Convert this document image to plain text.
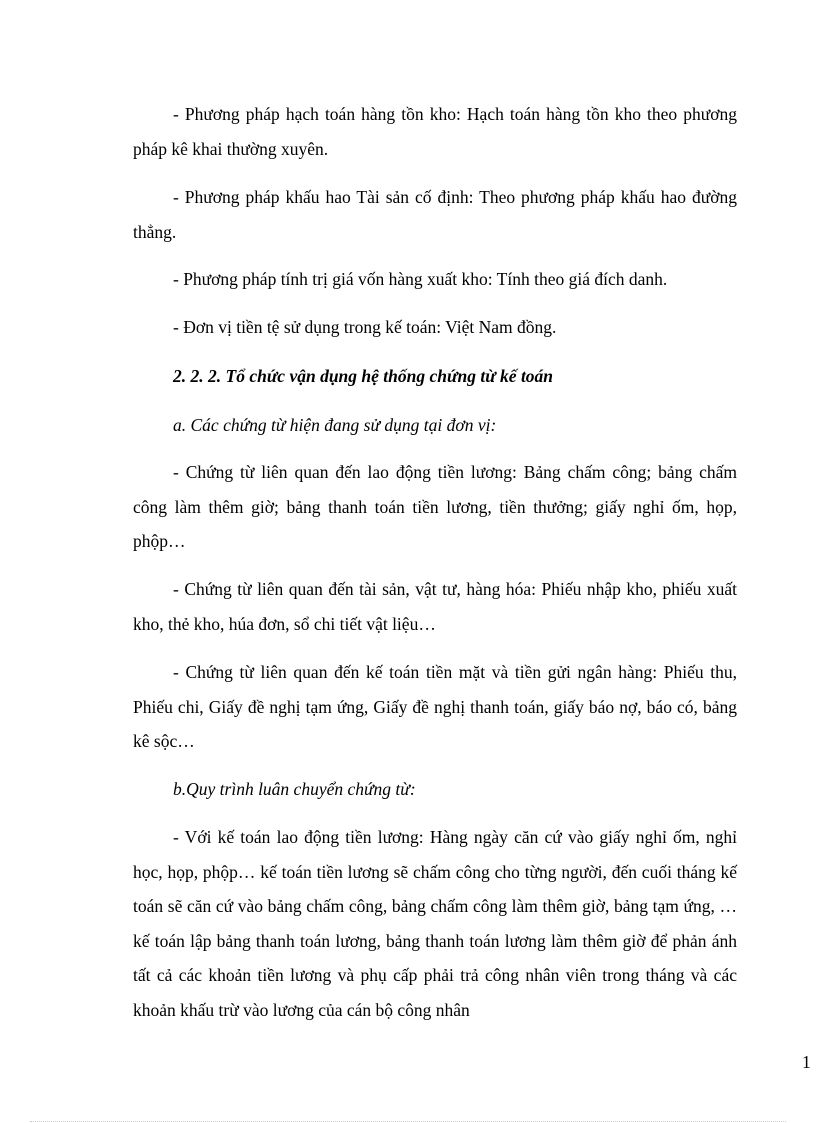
- Phương pháp hạch toán hàng tồn kho: Hạch toán hàng tồn kho theo phương pháp kê khai thường xuyên.

- Phương pháp khấu hao Tài sản cố định: Theo phương pháp khấu hao đường thẳng.

- Phương pháp tính trị giá vốn hàng xuất kho: Tính theo giá đích danh.

- Đơn vị tiền tệ sử dụng trong kế toán: Việt Nam đồng.

2. 2. 2. Tổ chức vận dụng hệ thống chứng từ kế toán

a. Các chứng từ hiện đang sử dụng tại đơn vị:

- Chứng từ liên quan đến lao động tiền lương: Bảng chấm công; bảng chấm công làm thêm giờ; bảng thanh toán tiền lương, tiền thưởng; giấy nghỉ ốm, họp, phộp…

- Chứng từ liên quan đến tài sản, vật tư, hàng hóa: Phiếu nhập kho, phiếu xuất kho, thẻ kho, húa đơn, sổ chi tiết vật liệu…

- Chứng từ liên quan đến kế toán tiền mặt và tiền gửi ngân hàng: Phiếu thu, Phiếu chi, Giấy đề nghị tạm ứng, Giấy đề nghị thanh toán, giấy báo nợ, báo có, bảng kê sộc…

b.Quy trình luân chuyển chứng từ:

- Với kế toán lao động tiền lương: Hàng ngày căn cứ vào giấy nghỉ ốm, nghỉ học, họp, phộp… kế toán tiền lương sẽ chấm công cho từng người, đến cuối tháng kế toán sẽ căn cứ vào bảng chấm công, bảng chấm công làm thêm giờ, bảng tạm ứng, … kế toán lập bảng thanh toán lương, bảng thanh toán lương làm thêm giờ để phản ánh tất cả các khoản tiền lương và phụ cấp phải trả công nhân viên trong tháng và các khoản khấu trừ vào lương của cán bộ công nhân

1
